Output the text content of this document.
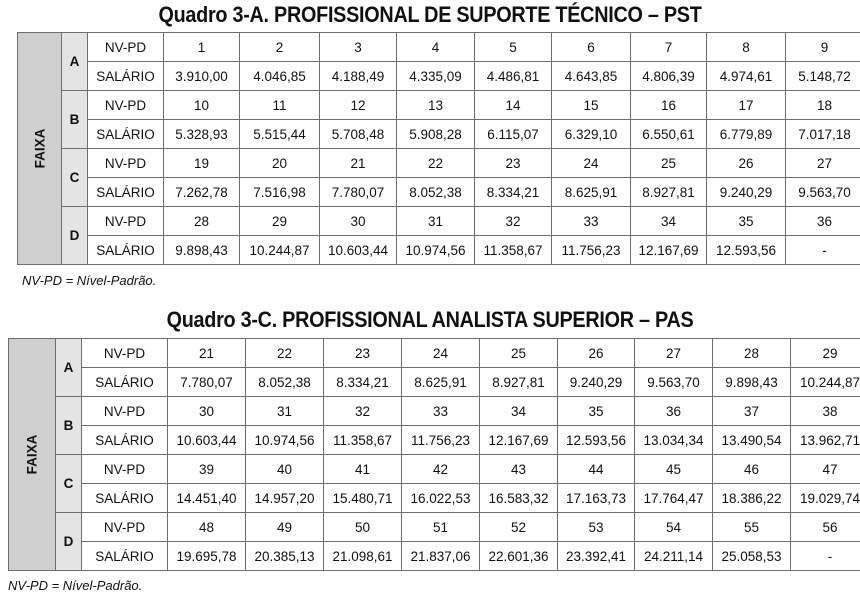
Quadro 3-A. PROFISSIONAL DE SUPORTE TÉCNICO – PST
FAIXA	A	NV-PD	1	2	3	4	5	6	7	8	9
		SALÁRIO	3.910,00	4.046,85	4.188,49	4.335,09	4.486,81	4.643,85	4.806,39	4.974,61	5.148,72
	B	NV-PD	10	11	12	13	14	15	16	17	18
		SALÁRIO	5.328,93	5.515,44	5.708,48	5.908,28	6.115,07	6.329,10	6.550,61	6.779,89	7.017,18
	C	NV-PD	19	20	21	22	23	24	25	26	27
		SALÁRIO	7.262,78	7.516,98	7.780,07	8.052,38	8.334,21	8.625,91	8.927,81	9.240,29	9.563,70
	D	NV-PD	28	29	30	31	32	33	34	35	36
		SALÁRIO	9.898,43	10.244,87	10.603,44	10.974,56	11.358,67	11.756,23	12.167,69	12.593,56	-
NV-PD = Nível-Padrão.
Quadro 3-C. PROFISSIONAL ANALISTA SUPERIOR – PAS
FAIXA	A	NV-PD	21	22	23	24	25	26	27	28	29
		SALÁRIO	7.780,07	8.052,38	8.334,21	8.625,91	8.927,81	9.240,29	9.563,70	9.898,43	10.244,87
	B	NV-PD	30	31	32	33	34	35	36	37	38
		SALÁRIO	10.603,44	10.974,56	11.358,67	11.756,23	12.167,69	12.593,56	13.034,34	13.490,54	13.962,71
	C	NV-PD	39	40	41	42	43	44	45	46	47
		SALÁRIO	14.451,40	14.957,20	15.480,71	16.022,53	16.583,32	17.163,73	17.764,47	18.386,22	19.029,74
	D	NV-PD	48	49	50	51	52	53	54	55	56
		SALÁRIO	19.695,78	20.385,13	21.098,61	21.837,06	22.601,36	23.392,41	24.211,14	25.058,53	-
NV-PD = Nível-Padrão.
